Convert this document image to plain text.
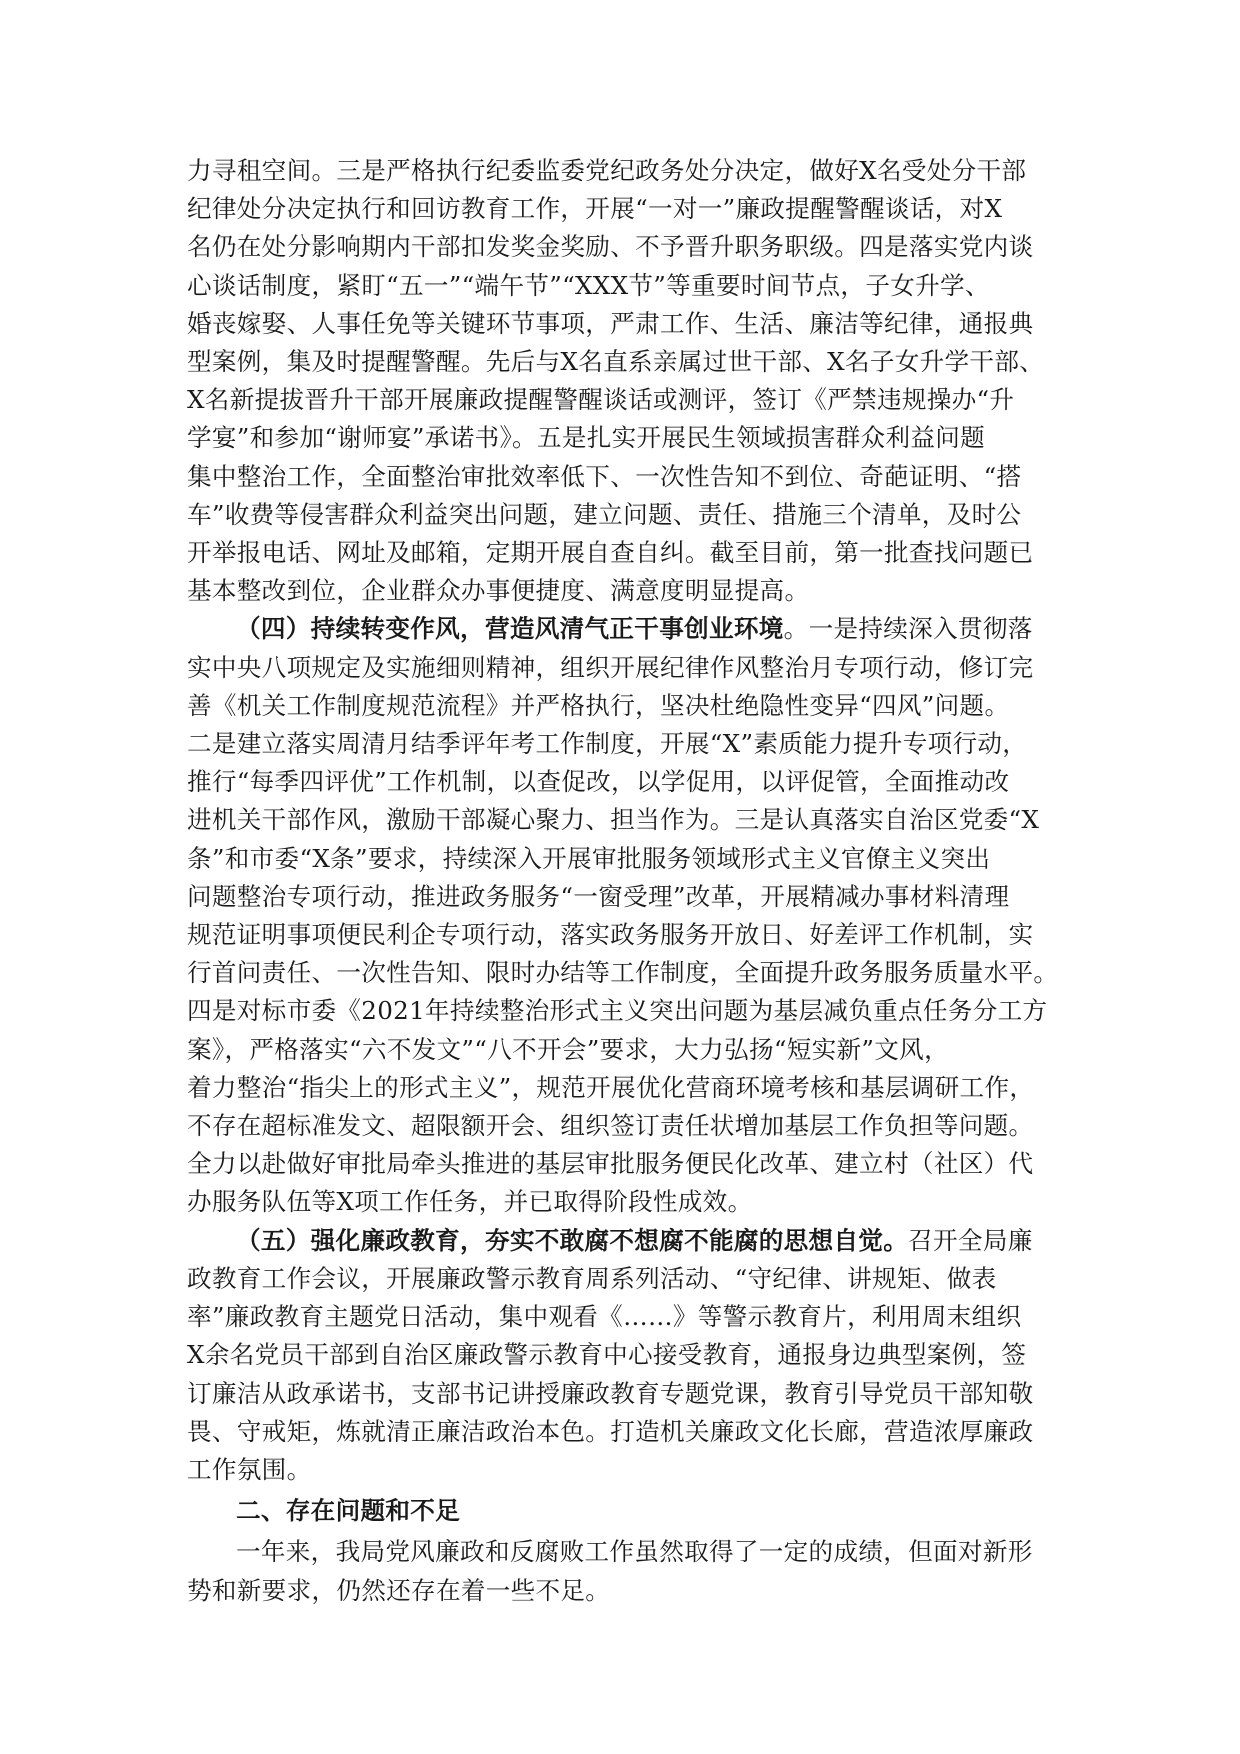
力寻租空间。三是严格执行纪委监委党纪政务处分决定，做好X名受处分干部
纪律处分决定执行和回访教育工作，开展“一对一”廉政提醒警醒谈话，对X
名仍在处分影响期内干部扣发奖金奖励、不予晋升职务职级。四是落实党内谈
心谈话制度，紧盯“五一”“端午节”“XXX节”等重要时间节点，子女升学、
婚丧嫁娶、人事任免等关键环节事项，严肃工作、生活、廉洁等纪律，通报典
型案例，集及时提醒警醒。先后与X名直系亲属过世干部、X名子女升学干部、
X名新提拔晋升干部开展廉政提醒警醒谈话或测评，签订《严禁违规操办“升
学宴”和参加“谢师宴”承诺书》。五是扎实开展民生领域损害群众利益问题
集中整治工作，全面整治审批效率低下、一次性告知不到位、奇葩证明、“搭
车”收费等侵害群众利益突出问题，建立问题、责任、措施三个清单，及时公
开举报电话、网址及邮箱，定期开展自查自纠。截至目前，第一批查找问题已
基本整改到位，企业群众办事便捷度、满意度明显提高。
（四）持续转变作风，营造风清气正干事创业环境。一是持续深入贯彻落
实中央八项规定及实施细则精神，组织开展纪律作风整治月专项行动，修订完
善《机关工作制度规范流程》并严格执行，坚决杜绝隐性变异“四风”问题。
二是建立落实周清月结季评年考工作制度，开展“X”素质能力提升专项行动，
推行“每季四评优”工作机制，以查促改，以学促用，以评促管，全面推动改
进机关干部作风，激励干部凝心聚力、担当作为。三是认真落实自治区党委“X
条”和市委“X条”要求，持续深入开展审批服务领域形式主义官僚主义突出
问题整治专项行动，推进政务服务“一窗受理”改革，开展精减办事材料清理
规范证明事项便民利企专项行动，落实政务服务开放日、好差评工作机制，实
行首问责任、一次性告知、限时办结等工作制度，全面提升政务服务质量水平。
四是对标市委《2021年持续整治形式主义突出问题为基层减负重点任务分工方
案》，严格落实“六不发文”“八不开会”要求，大力弘扬“短实新”文风，
着力整治“指尖上的形式主义”，规范开展优化营商环境考核和基层调研工作，
不存在超标准发文、超限额开会、组织签订责任状增加基层工作负担等问题。
全力以赴做好审批局牵头推进的基层审批服务便民化改革、建立村（社区）代
办服务队伍等X项工作任务，并已取得阶段性成效。
（五）强化廉政教育，夯实不敢腐不想腐不能腐的思想自觉。召开全局廉
政教育工作会议，开展廉政警示教育周系列活动、“守纪律、讲规矩、做表
率”廉政教育主题党日活动，集中观看《……》等警示教育片，利用周末组织
X余名党员干部到自治区廉政警示教育中心接受教育，通报身边典型案例，签
订廉洁从政承诺书，支部书记讲授廉政教育专题党课，教育引导党员干部知敬
畏、守戒矩，炼就清正廉洁政治本色。打造机关廉政文化长廊，营造浓厚廉政
工作氛围。
二、存在问题和不足
一年来，我局党风廉政和反腐败工作虽然取得了一定的成绩，但面对新形
势和新要求，仍然还存在着一些不足。
